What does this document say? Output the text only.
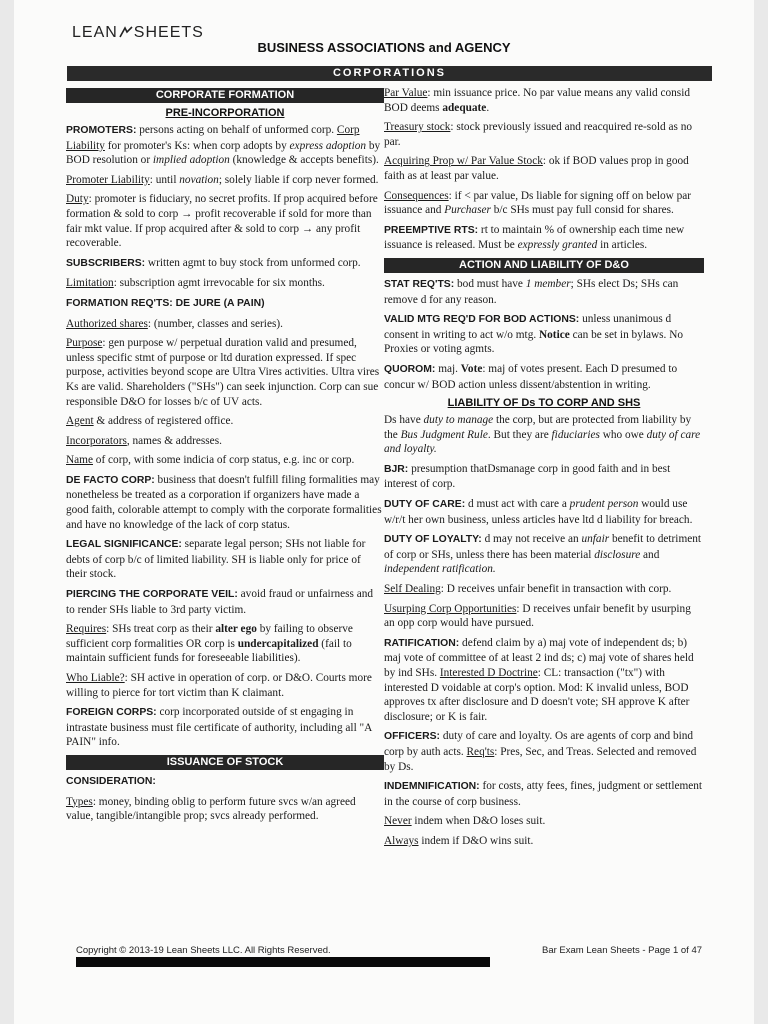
LEAN SHEETS
BUSINESS ASSOCIATIONS and AGENCY
CORPORATIONS
CORPORATE FORMATION
PRE-INCORPORATION

PROMOTERS: persons acting on behalf of unformed corp. Corp Liability for promoter's Ks: when corp adopts by express adoption by BOD resolution or implied adoption (knowledge & accepts benefits).

Promoter Liability: until novation; solely liable if corp never formed.

Duty: promoter is fiduciary, no secret profits. If prop acquired before formation & sold to corp → profit recoverable if sold for more than fair mkt value. If prop acquired after & sold to corp → any profit recoverable.

SUBSCRIBERS: written agmt to buy stock from unformed corp.

Limitation: subscription agmt irrevocable for six months.

FORMATION REQ'TS: DE JURE (A PAIN)

Authorized shares: (number, classes and series).

Purpose: gen purpose w/ perpetual duration valid and presumed, unless specific stmt of purpose or ltd duration expressed. If spec purpose, activities beyond scope are Ultra Vires activities. Ultra vires Ks are valid. Shareholders ("SHs") can seek injunction. Corp can sue responsible D&O for losses b/c of UV acts.

Agent & address of registered office.

Incorporators, names & addresses.

Name of corp, with some indicia of corp status, e.g. inc or corp.

DE FACTO CORP: business that doesn't fulfill filing formalities may nonetheless be treated as a corporation if organizers have made a good faith, colorable attempt to comply with the corporate formalities and have no knowledge of the lack of corp status.

LEGAL SIGNIFICANCE: separate legal person; SHs not liable for debts of corp b/c of limited liability. SH is liable only for price of their stock.

PIERCING THE CORPORATE VEIL: avoid fraud or unfairness and to render SHs liable to 3rd party victim.

Requires: SHs treat corp as their alter ego by failing to observe sufficient corp formalities OR corp is undercapitalized (fail to maintain sufficient funds for foreseeable liabilities).

Who Liable?: SH active in operation of corp. or D&O. Courts more willing to pierce for tort victim than K claimant.

FOREIGN CORPS: corp incorporated outside of st engaging in intrastate business must file certificate of authority, including all "A PAIN" info.

ISSUANCE OF STOCK

CONSIDERATION:

Types: money, binding oblig to perform future svcs w/an agreed value, tangible/intangible prop; svcs already performed.

Par Value: min issuance price. No par value means any valid consid BOD deems adequate.

Treasury stock: stock previously issued and reacquired re-sold as no par.

Acquiring Prop w/ Par Value Stock: ok if BOD values prop in good faith as at least par value.

Consequences: if < par value, Ds liable for signing off on below par issuance and Purchaser b/c SHs must pay full consid for shares.

PREEMPTIVE RTS: rt to maintain % of ownership each time new issuance is released. Must be expressly granted in articles.

ACTION AND LIABILITY OF D&O

STAT REQ'TS: bod must have 1 member; SHs elect Ds; SHs can remove d for any reason.

VALID MTG REQ'D FOR BOD ACTIONS: unless unanimous d consent in writing to act w/o mtg. Notice can be set in bylaws. No Proxies or voting agmts.

QUOROM: maj. Vote: maj of votes present. Each D presumed to concur w/ BOD action unless dissent/abstention in writing.

LIABILITY OF Ds TO CORP AND SHS

Ds have duty to manage the corp, but are protected from liability by the Bus Judgment Rule. But they are fiduciaries who owe duty of care and loyalty.

BJR: presumption thatDsmanage corp in good faith and in best interest of corp.

DUTY OF CARE: d must act with care a prudent person would use w/r/t her own business, unless articles have ltd d liability for breach.

DUTY OF LOYALTY: d may not receive an unfair benefit to detriment of corp or SHs, unless there has been material disclosure and independent ratification.

Self Dealing: D receives unfair benefit in transaction with corp.

Usurping Corp Opportunities: D receives unfair benefit by usurping an opp corp would have pursued.

RATIFICATION: defend claim by a) maj vote of independent ds; b) maj vote of committee of at least 2 ind ds; c) maj vote of shares held by ind SHs. Interested D Doctrine: CL: transaction ("tx") with interested D voidable at corp's option. Mod: K invalid unless, BOD approves tx after disclosure and D doesn't vote; SH approve K after disclosure; or K is fair.

OFFICERS: duty of care and loyalty. Os are agents of corp and bind corp by auth acts. Req'ts: Pres, Sec, and Treas. Selected and removed by Ds.

INDEMNIFICATION: for costs, atty fees, fines, judgment or settlement in the course of corp business.

Never indem when D&O loses suit.

Always indem if D&O wins suit.

Copyright © 2013-19 Lean Sheets LLC. All Rights Reserved.	Bar Exam Lean Sheets - Page 1 of 47
